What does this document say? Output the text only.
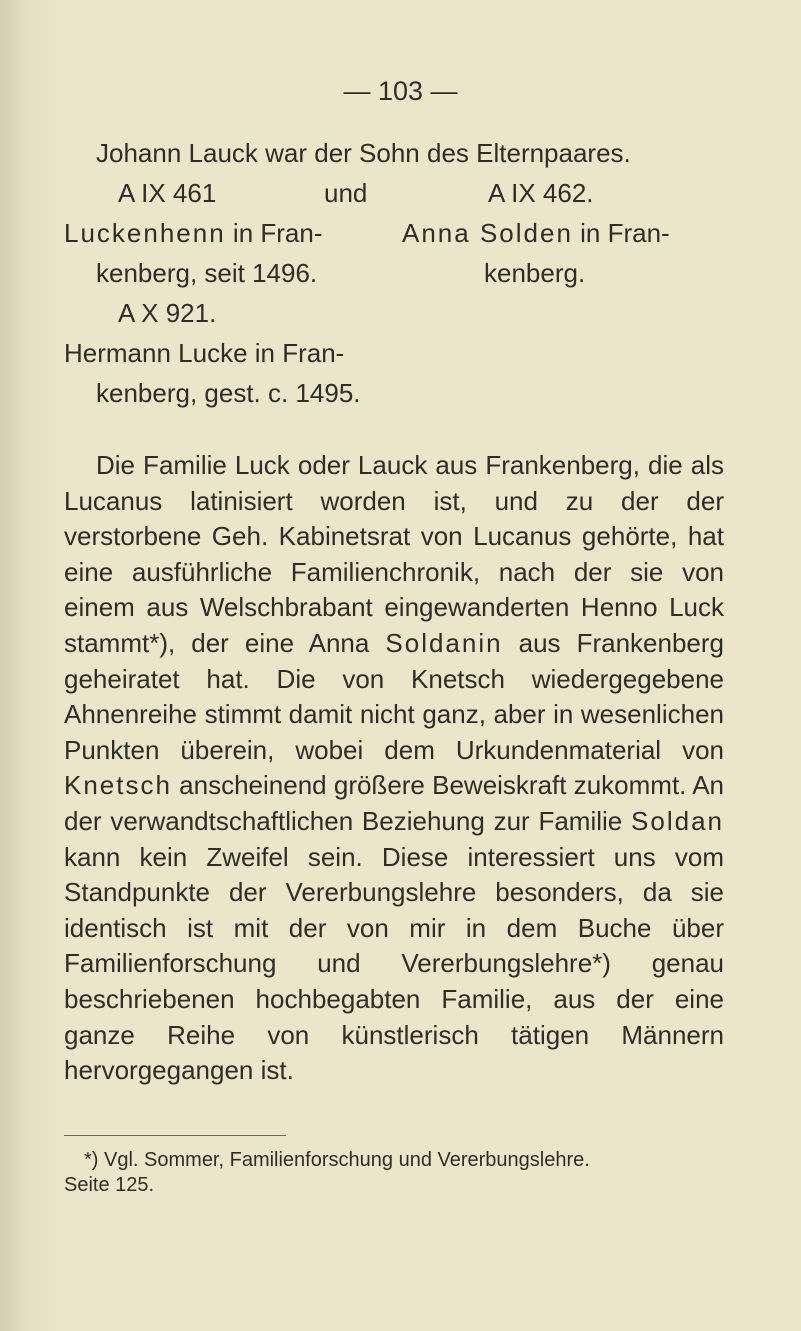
— 103 —
Johann Lauck war der Sohn des Elternpaares.
A IX 461	und	A IX 462.
Luckenhenn in Fran-	Anna Solden in Fran-
kenberg, seit 1496.	kenberg.
A X 921.
Hermann Lucke in Fran-
kenberg, gest. c. 1495.

Die Familie Luck oder Lauck aus Frankenberg, die als Lucanus latinisiert worden ist, und zu der der verstorbene Geh. Kabinetsrat von Lucanus gehörte, hat eine ausführliche Familienchronik, nach der sie von einem aus Welschbrabant eingewanderten Henno Luck stammt*), der eine Anna Soldanin aus Frankenberg geheiratet hat. Die von Knetsch wiedergegebene Ahnenreihe stimmt damit nicht ganz, aber in wesenlichen Punkten überein, wobei dem Urkundenmaterial von Knetsch anscheinend größere Beweiskraft zukommt. An der verwandtschaftlichen Beziehung zur Familie Soldan kann kein Zweifel sein. Diese interessiert uns vom Standpunkte der Vererbungslehre besonders, da sie identisch ist mit der von mir in dem Buche über Familienforschung und Vererbungslehre*) genau beschriebenen hochbegabten Familie, aus der eine ganze Reihe von künstlerisch tätigen Männern hervorgegangen ist.

*) Vgl. Sommer, Familienforschung und Vererbungslehre.
Seite 125.
